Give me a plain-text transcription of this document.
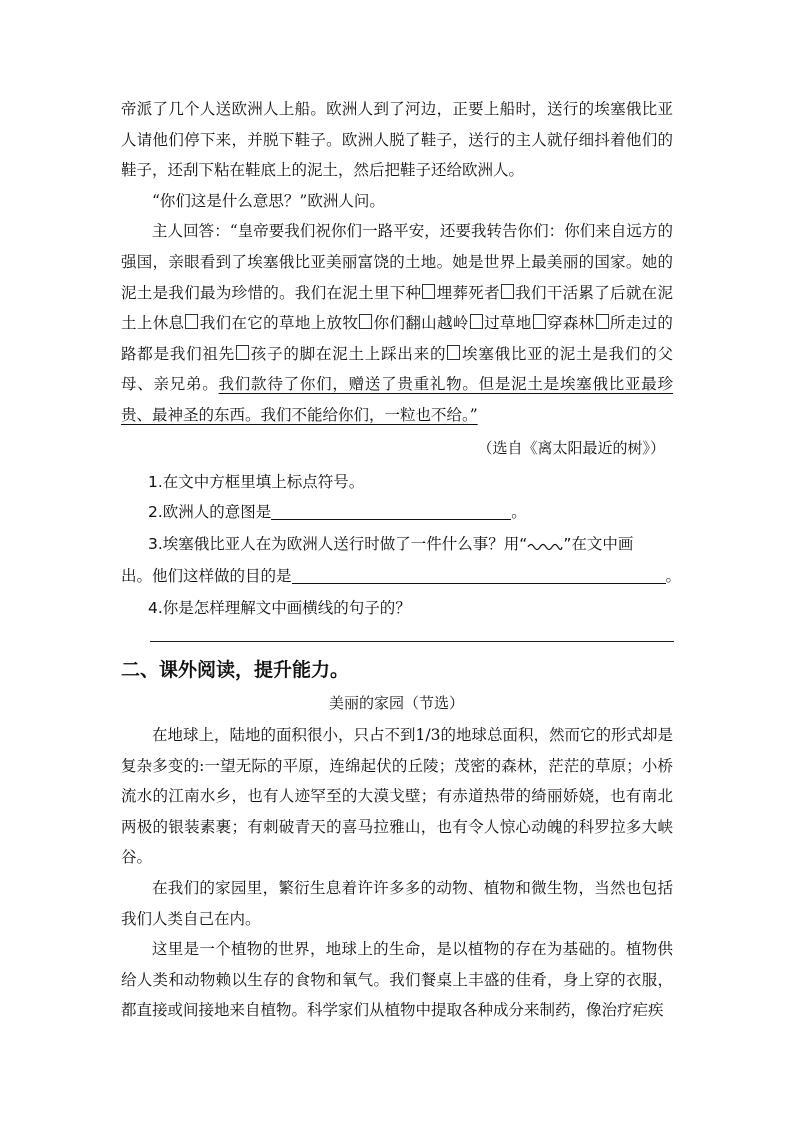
帝派了几个人送欧洲人上船。欧洲人到了河边，正要上船时，送行的埃塞俄比亚人请他们停下来，并脱下鞋子。欧洲人脱了鞋子，送行的主人就仔细抖着他们的鞋子，还刮下粘在鞋底上的泥土，然后把鞋子还给欧洲人。

“你们这是什么意思？”欧洲人问。

主人回答：“皇帝要我们祝你们一路平安，还要我转告你们：你们来自远方的强国，亲眼看到了埃塞俄比亚美丽富饶的土地。她是世界上最美丽的国家。她的泥土是我们最为珍惜的。我们在泥土里下种 埋葬死者 我们干活累了后就在泥土上休息 我们在它的草地上放牧 你们翻山越岭 过草地 穿森林 所走过的路都是我们祖先 孩子的脚在泥土上踩出来的 埃塞俄比亚的泥土是我们的父母、亲兄弟。我们款待了你们，赠送了贵重礼物。但是泥土是埃塞俄比亚最珍贵、最神圣的东西。我们不能给你们，一粒也不给。”

（选自《离太阳最近的树》）
1.在文中方框里填上标点符号。
2.欧洲人的意图是	。
3.埃塞俄比亚人在为欧洲人送行时做了一件什么事？用“ ”在文中画
出。他们这样做的目的是	。
4.你是怎样理解文中画横线的句子的？
二、课外阅读，提升能力。
美丽的家园（节选）

在地球上，陆地的面积很小，只占不到1/3的地球总面积，然而它的形式却是复杂多变的:一望无际的平原，连绵起伏的丘陵；茂密的森林，茫茫的草原；小桥流水的江南水乡，也有人迹罕至的大漠戈壁；有赤道热带的绮丽娇娆，也有南北两极的银装素裹；有刺破青天的喜马拉雅山，也有令人惊心动魄的科罗拉多大峡谷。

在我们的家园里，繁衍生息着许许多多的动物、植物和微生物，当然也包括我们人类自己在内。

这里是一个植物的世界，地球上的生命，是以植物的存在为基础的。植物供给人类和动物赖以生存的食物和氧气。我们餐桌上丰盛的佳肴，身上穿的衣服，都直接或间接地来自植物。科学家们从植物中提取各种成分来制药，像治疗疟疾
